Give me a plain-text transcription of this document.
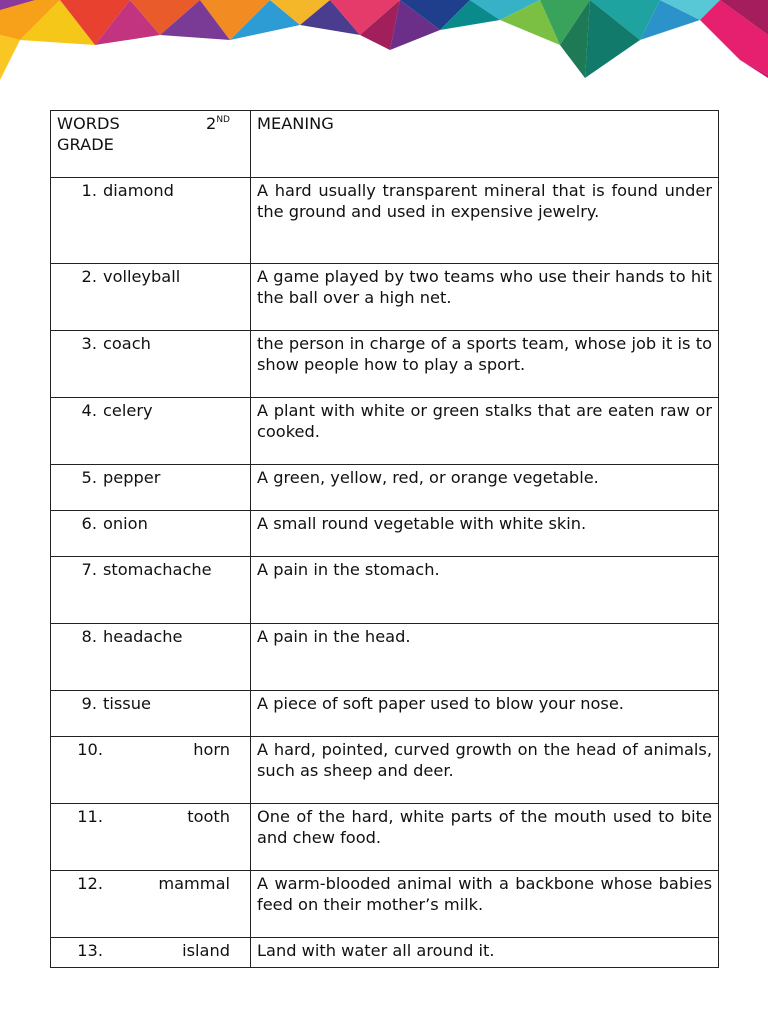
WORDS 2ND
GRADE	MEANING

1. diamond	A hard usually transparent mineral that is found under the ground and used in expensive jewelry.

2. volleyball	A game played by two teams who use their hands to hit the ball over a high net.

3. coach	the person in charge of a sports team, whose job it is to show people how to play a sport.

4. celery	A plant with white or green stalks that are eaten raw or cooked.

5. pepper	A green, yellow, red, or orange vegetable.

6. onion	A small round vegetable with white skin.

7. stomachache	A pain in the stomach.

8. headache	A pain in the head.

9. tissue	A piece of soft paper used to blow your nose.

10. horn	A hard, pointed, curved growth on the head of animals, such as sheep and deer.

11. tooth	One of the hard, white parts of the mouth used to bite and chew food.

12. mammal	A warm-blooded animal with a backbone whose babies feed on their mother’s milk.

13. island	Land with water all around it.
